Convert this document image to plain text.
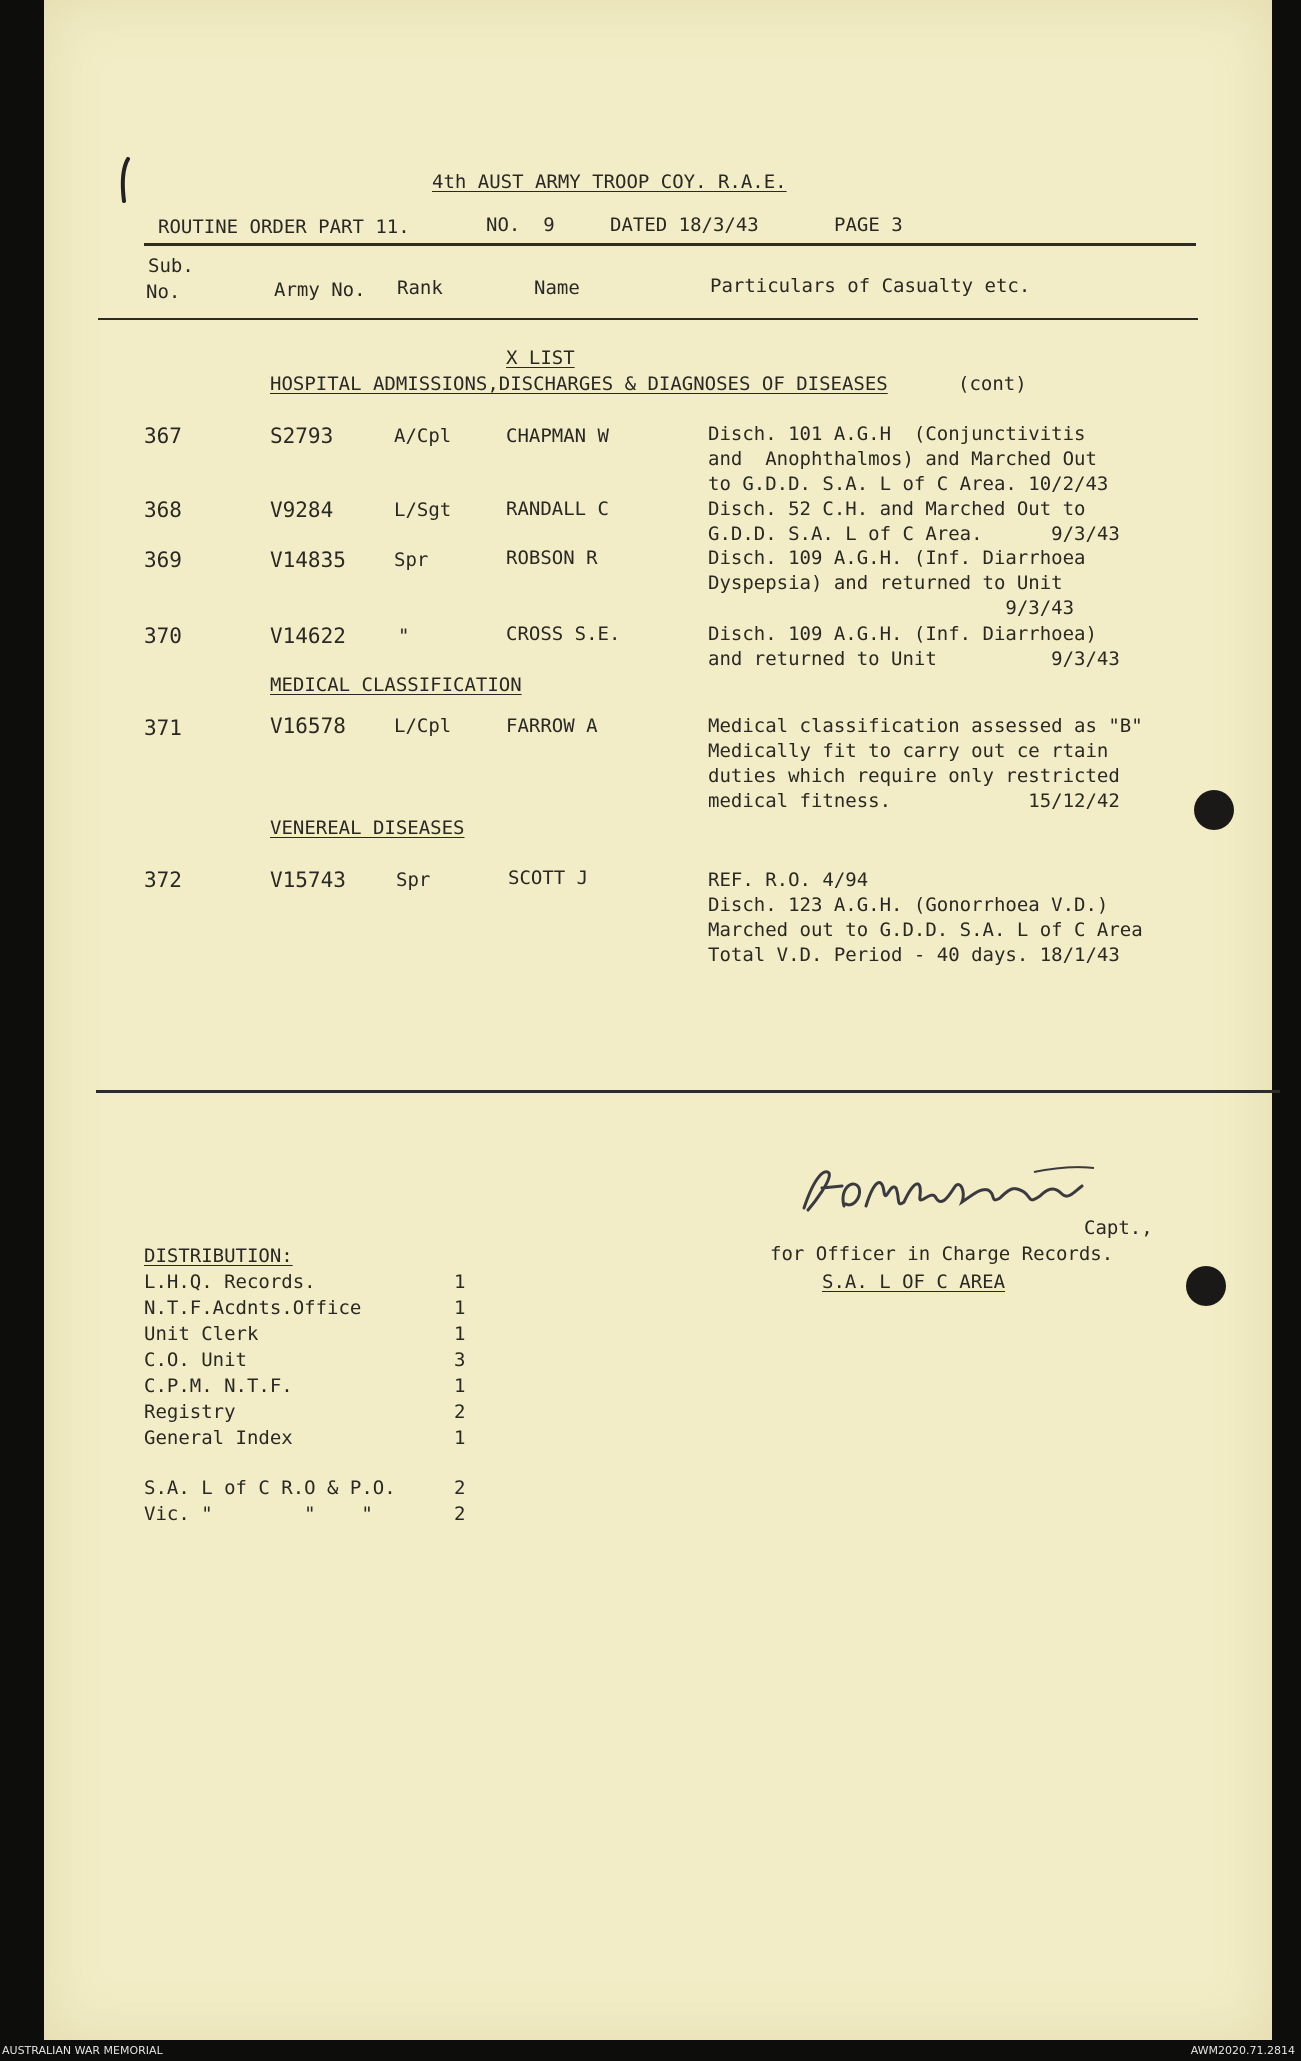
4th AUST ARMY TROOP COY. R.A.E.
ROUTINE ORDER PART 11.	NO.  9	DATED 18/3/43	PAGE 3
Sub.
No.	Army No. Rank	Name	Particulars of Casualty etc.
X LIST
HOSPITAL ADMISSIONS,DISCHARGES & DIAGNOSES OF DISEASES	(cont)
367	S2793	A/Cpl	CHAPMAN W	Disch. 101 A.G.H  (Conjunctivitis
and  Anophthalmos) and Marched Out
to G.D.D. S.A. L of C Area. 10/2/43
368	V9284	L/Sgt	RANDALL C	Disch. 52 C.H. and Marched Out to
G.D.D. S.A. L of C Area.      9/3/43
369	V14835	Spr	ROBSON R	Disch. 109 A.G.H. (Inf. Diarrhoea
Dyspepsia) and returned to Unit
9/3/43
370	V14622	"	CROSS S.E.	Disch. 109 A.G.H. (Inf. Diarrhoea)
and returned to Unit          9/3/43
MEDICAL CLASSIFICATION
371	V16578	L/Cpl	FARROW A	Medical classification assessed as "B"
Medically fit to carry out ce rtain
duties which require only restricted
medical fitness.            15/12/42
VENEREAL DISEASES
372	V15743	Spr	SCOTT J	REF. R.O. 4/94
Disch. 123 A.G.H. (Gonorrhoea V.D.)
Marched out to G.D.D. S.A. L of C Area
Total V.D. Period - 40 days. 18/1/43
Capt.,
for Officer in Charge Records.
S.A. L OF C AREA
DISTRIBUTION:
L.H.Q. Records.	1
N.T.F.Acdnts.Office	1
Unit Clerk	1
C.O. Unit	3
C.P.M. N.T.F.	1
Registry	2
General Index	1
S.A. L of C R.O & P.O.	2
Vic. "        "    "	2
AUSTRALIAN WAR MEMORIAL	AWM2020.71.2814
